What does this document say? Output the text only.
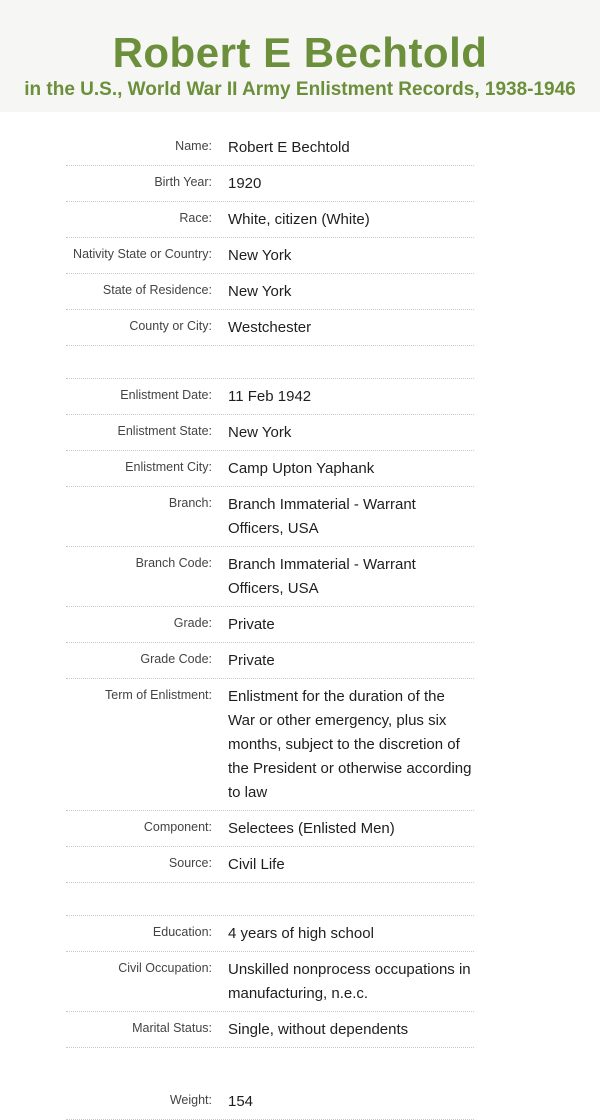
Robert E Bechtold
in the U.S., World War II Army Enlistment Records, 1938-1946
Name:	Robert E Bechtold
Birth Year:	1920
Race:	White, citizen (White)
Nativity State or Country:	New York
State of Residence:	New York
County or City:	Westchester
Enlistment Date:	11 Feb 1942
Enlistment State:	New York
Enlistment City:	Camp Upton Yaphank
Branch:	Branch Immaterial - Warrant Officers, USA
Branch Code:	Branch Immaterial - Warrant Officers, USA
Grade:	Private
Grade Code:	Private
Term of Enlistment:	Enlistment for the duration of the War or other emergency, plus six months, subject to the discretion of the President or otherwise according to law
Component:	Selectees (Enlisted Men)
Source:	Civil Life
Education:	4 years of high school
Civil Occupation:	Unskilled nonprocess occupations in manufacturing, n.e.c.
Marital Status:	Single, without dependents
Weight:	154
